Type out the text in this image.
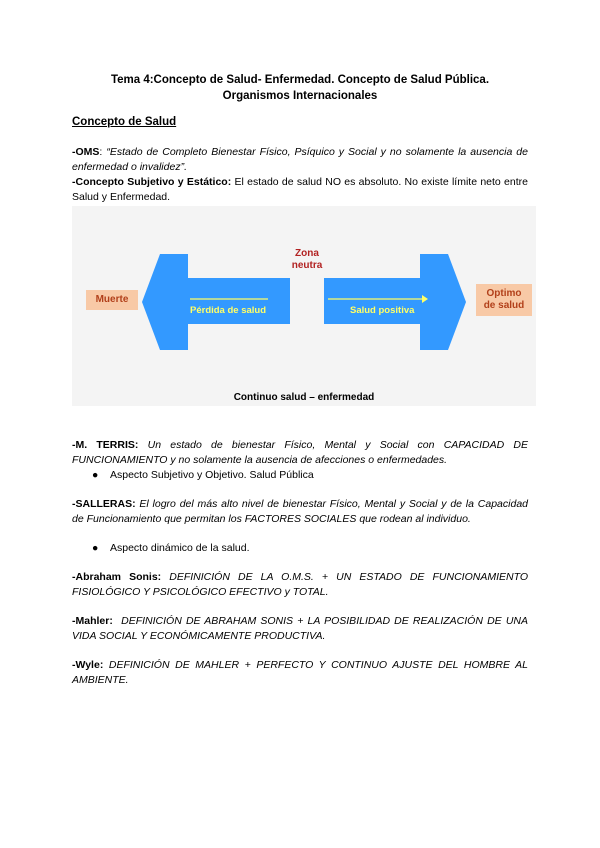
Tema 4:Concepto de Salud- Enfermedad. Concepto de Salud Pública.
Organismos Internacionales
Concepto de Salud
-OMS: “Estado de Completo Bienestar Físico, Psíquico y Social y no solamente la ausencia de enfermedad o invalidez”.
-Concepto Subjetivo y Estático: El estado de salud NO es absoluto. No existe límite neto entre Salud y Enfermedad.
Muerte
Optimo
de salud
Zona
neutra
Pérdida de salud	Salud positiva
Continuo salud – enfermedad
-M. TERRIS: Un estado de bienestar Físico, Mental y Social con CAPACIDAD DE FUNCIONAMIENTO y no solamente la ausencia de afecciones o enfermedades.
● Aspecto Subjetivo y Objetivo. Salud Pública
-SALLERAS: El logro del más alto nivel de bienestar Físico, Mental y Social y de la Capacidad de Funcionamiento que permitan los FACTORES SOCIALES que rodean al individuo.
● Aspecto dinámico de la salud.
-Abraham Sonis: DEFINICIÓN DE LA O.M.S. + UN ESTADO DE FUNCIONAMIENTO FISIOLÓGICO Y PSICOLÓGICO EFECTIVO y TOTAL.
-Mahler:  DEFINICIÓN DE ABRAHAM SONIS + LA POSIBILIDAD DE REALIZACIÓN DE UNA VIDA SOCIAL Y ECONÓMICAMENTE PRODUCTIVA.
-Wyle: DEFINICIÓN DE MAHLER + PERFECTO Y CONTINUO AJUSTE DEL HOMBRE AL AMBIENTE.
